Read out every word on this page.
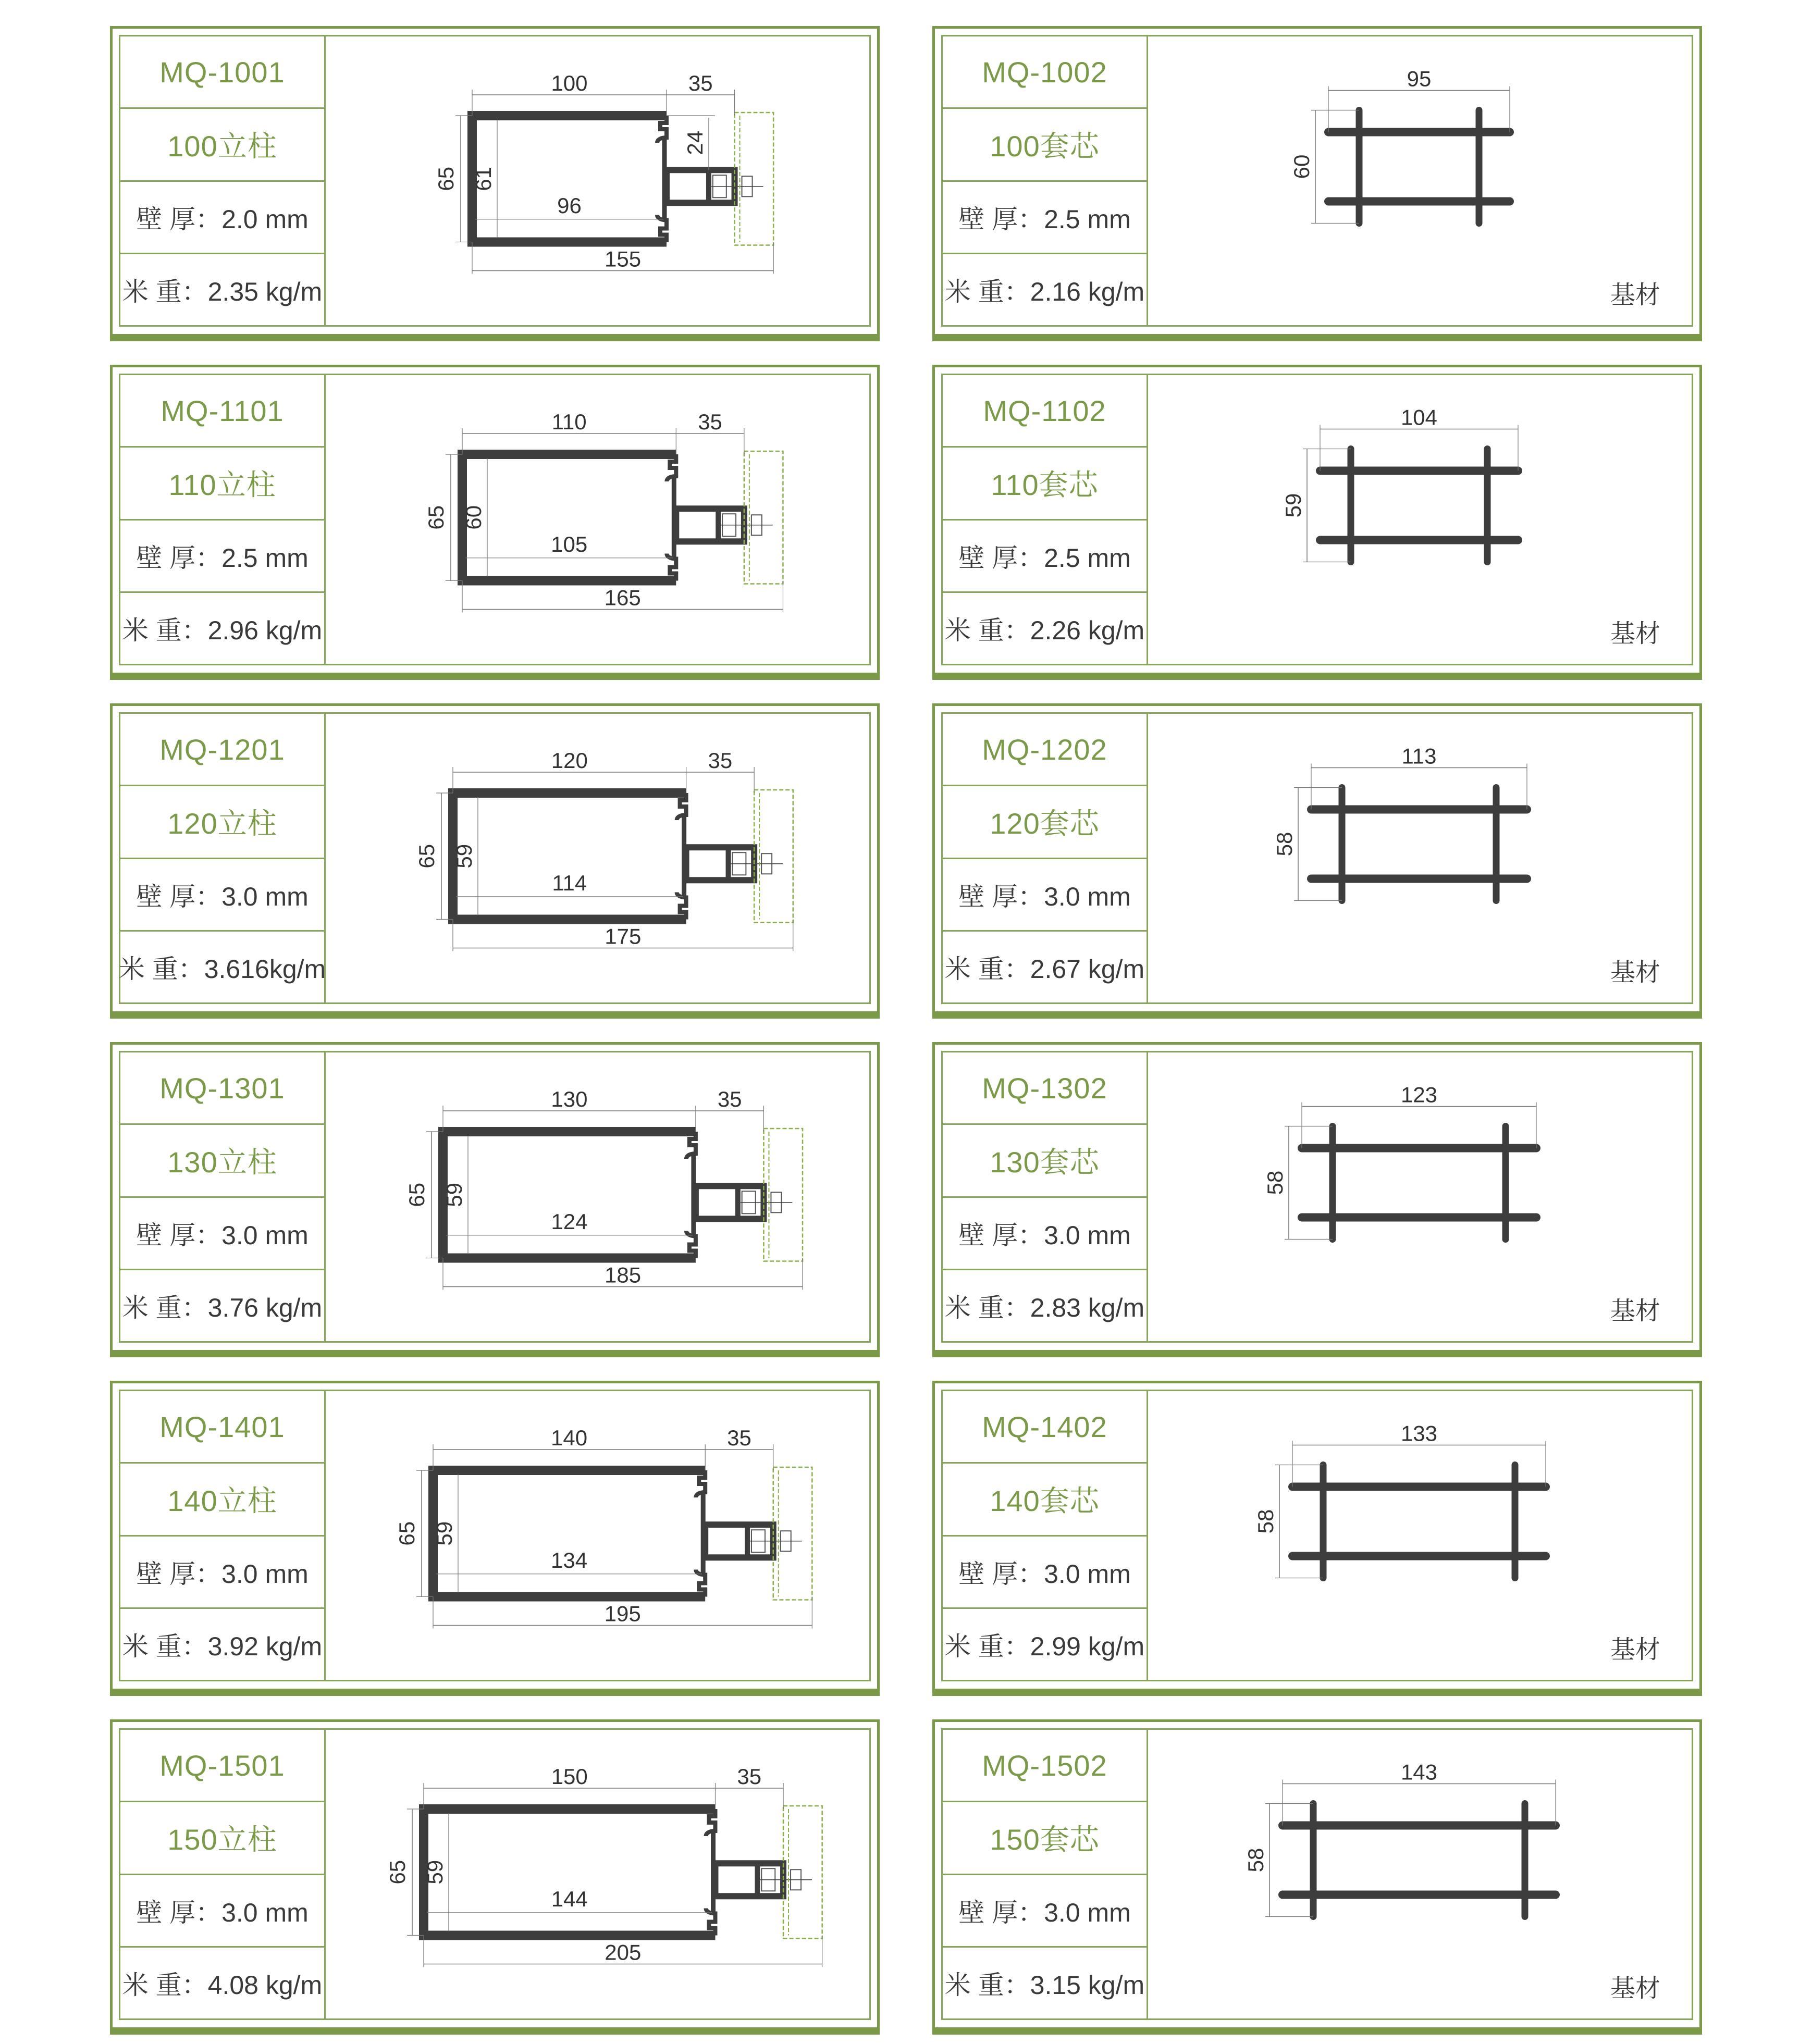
MQ-1001
100立柱
壁 厚：2.0 mm
米 重：2.35 kg/m
100	35
65 61
96
155
24
MQ-1002
100套芯
壁 厚：2.5 mm
米 重：2.16 kg/m
95
60
基材
MQ-1101
110立柱
壁 厚：2.5 mm
米 重：2.96 kg/m
110	35
65 60
105
165
MQ-1102
110套芯
壁 厚：2.5 mm
米 重：2.26 kg/m
104
59
基材
MQ-1201
120立柱
壁 厚：3.0 mm
米 重：3.616kg/m
120	35
65 59
114
175
MQ-1202
120套芯
壁 厚：3.0 mm
米 重：2.67 kg/m
113
58
基材
MQ-1301
130立柱
壁 厚：3.0 mm
米 重：3.76 kg/m
130	35
65 59
124
185
MQ-1302
130套芯
壁 厚：3.0 mm
米 重：2.83 kg/m
123
58
基材
MQ-1401
140立柱
壁 厚：3.0 mm
米 重：3.92 kg/m
140	35
65 59
134
195
MQ-1402
140套芯
壁 厚：3.0 mm
米 重：2.99 kg/m
133
58
基材
MQ-1501
150立柱
壁 厚：3.0 mm
米 重：4.08 kg/m
150	35
65 59
144
205
MQ-1502
150套芯
壁 厚：3.0 mm
米 重：3.15 kg/m
143
58
基材
